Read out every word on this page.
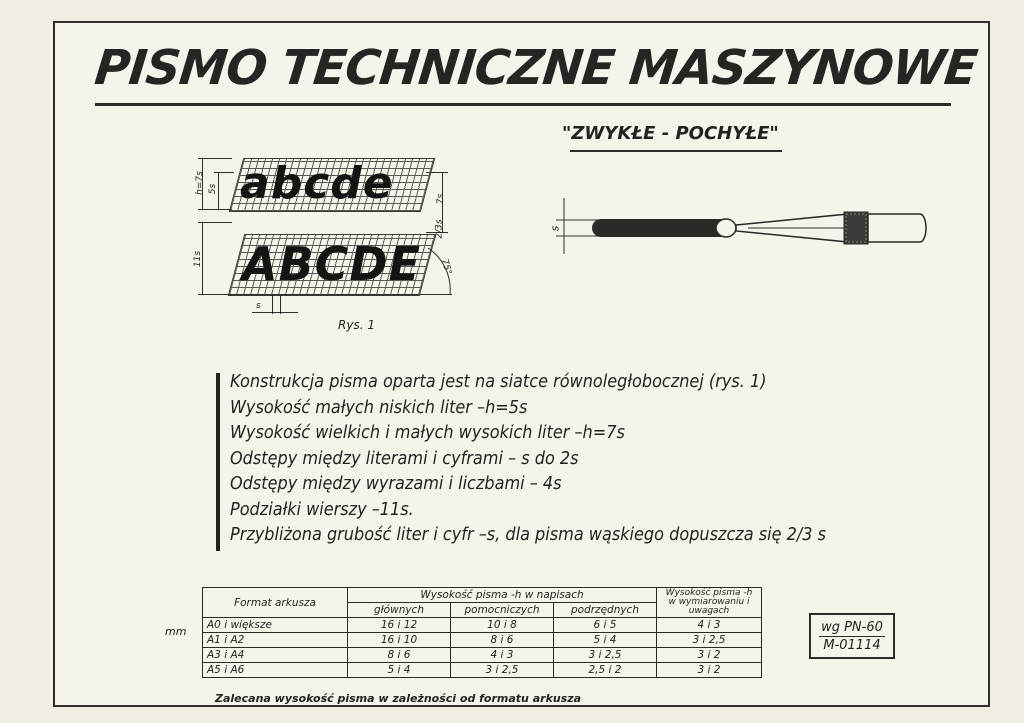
PISMO TECHNICZNE MASZYNOWE
"ZWYKŁE - POCHYŁE"
abcde
ABCDE
h=7s 5s
11s
7s
2/3s
75°
s
Rys. 1
s
Konstrukcja pisma oparta jest na siatce równoległobocznej (rys. 1)
Wysokość małych niskich liter –h=5s
Wysokość wielkich i małych wysokich liter –h=7s
Odstępy między literami i cyframi – s do 2s
Odstępy między wyrazami i liczbami – 4s
Podziałki wierszy –11s.
Przybliżona grubość liter i cyfr –s, dla pisma wąskiego dopuszcza się 2/3 s
mm
Format arkusza	Wysokość pisma -h w napisach			Wysokość pisma -h w wymiarowaniu i uwagach
	głównych	pomocniczych	podrzędnych	
A0 i większe	16 i 12	10 i 8	6 i 5	4 i 3
A1 i A2	16 i 10	8 i 6	5 i 4	3 i 2,5
A3 i A4	8 i 6	4 i 3	3 i 2,5	3 i 2
A5 i A6	5 i 4	3 i 2,5	2,5 i 2	3 i 2
Zalecana wysokość pisma w zależności od formatu arkusza
wg PN-60
M-01114
